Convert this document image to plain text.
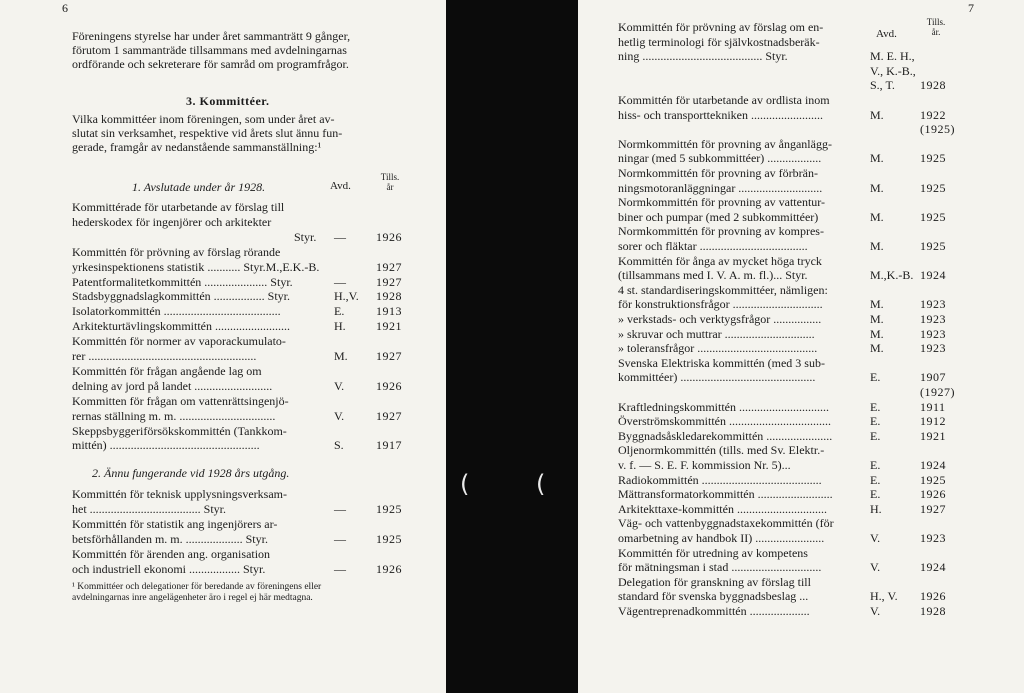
6
Föreningens styrelse har under året sammanträtt 9 gånger,
förutom 1 sammanträde tillsammans med avdelningarnas
ordförande och sekreterare för samråd om programfrågor.
3. Kommittéer.
Vilka kommittéer inom föreningen, som under året av-
slutat sin verksamhet, respektive vid årets slut ännu fun-
gerade, framgår av nedanstående sammanställning:¹
1. Avslutade under år 1928.	Avd.
Tills.
år
Kommittérade för utarbetande av förslag till
hederskodex för ingenjörer och arkitekter
Styr. —	1926
Kommittén för prövning av förslag rörande
yrkesinspektionens statistik ........... Styr.M.,E.K.-B.	1927
Patentformalitetkommittén ..................... Styr.	—	1927
Stadsbyggnadslagkommittén ................. Styr.	H.,V. 1928
Isolatorkommittén .......................................	E.	1913
Arkitekturtävlingskommittén .........................	H.	1921
Kommittén för normer av vaporackumulato-
rer ........................................................	M. 1927
Kommittén för frågan angående lag om
delning av jord på landet ..........................	V.	1926
Kommitten för frågan om vattenrättsingenjö-
rernas ställning m. m. ................................	V.	1927
Skeppsbyggeriförsökskommittén (Tankkom-
mittén) ..................................................	S.	1917
2. Ännu fungerande vid 1928 års utgång.
Kommittén för teknisk upplysningsverksam-
het ..................................... Styr.	—	1925
Kommittén för statistik ang ingenjörers ar-
betsförhållanden m. m. ................... Styr.	—	1925
Kommittén för ärenden ang. organisation
och industriell ekonomi ................. Styr.	—	1926
¹ Kommittéer och delegationer för beredande av föreningens eller
avdelningarnas inre angelägenheter äro i regel ej här medtagna.
(	(
7
Avd.
Tills.
år.
Kommittén för prövning av förslag om en-
hetlig terminologi för självkostnadsberäk-
ning ........................................ Styr.	M. E. H.,
V., K.-B.,
S., T. 1928
Kommittén för utarbetande av ordlista inom
hiss- och transporttekniken ........................	M.	1922
(1925)
Normkommittén för provning av ånganlägg-
ningar (med 5 subkommittéer) ..................	M.	1925
Normkommittén för provning av förbrän-
ningsmotoranläggningar ............................	M.	1925
Normkommittén för provning av vattentur-
biner och pumpar (med 2 subkommittéer)	M.	1925
Normkommittén för provning av kompres-
sorer och fläktar ....................................	M.	1925
Kommittén för ånga av mycket höga tryck
(tillsammans med I. V. A. m. fl.)... Styr.	M.,K.-B. 1924
4 st. standardiseringskommittéer, nämligen:
för konstruktionsfrågor ..............................	M.	1923
» verkstads- och verktygsfrågor ................	M.	1923
» skruvar och muttrar ..............................	M.	1923
» toleransfrågor ........................................	M.	1923
Svenska Elektriska kommittén (med 3 sub-
kommittéer) .............................................	E.	1907
(1927)
Kraftledningskommittén ..............................	E.	1911
Överströmskommittén ..................................	E.	1912
Byggnadsåskledarekommittén ......................	E.	1921
Oljenormkommittén (tills. med Sv. Elektr.-
v. f. — S. E. F. kommission Nr. 5)...	E.	1924
Radiokommittén ........................................	E.	1925
Mättransformatorkommittén .........................	E.	1926
Arkitekttaxe-kommittén ..............................	H.	1927
Väg- och vattenbyggnadstaxekommittén (för
omarbetning av handbok II) .......................	V.	1923
Kommittén för utredning av kompetens
för mätningsman i stad ..............................	V.	1924
Delegation för granskning av förslag till
standard för svenska byggnadsbeslag ...	H., V. 1926
Vägentreprenadkommittén ....................	V.	1928
